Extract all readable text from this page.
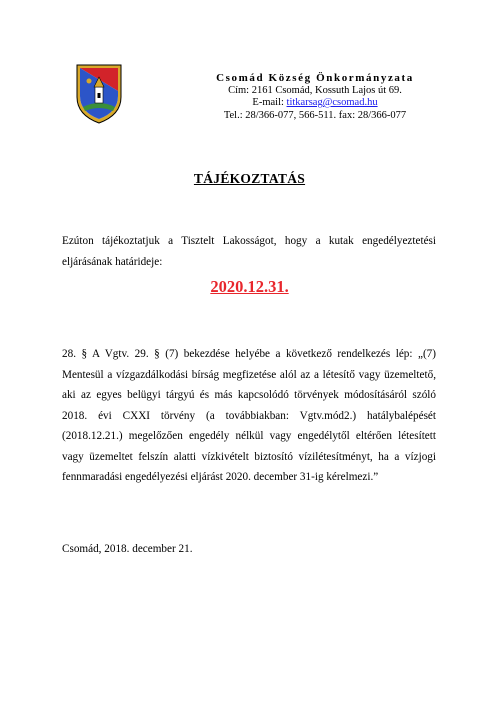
Csomád Község Önkormányzata
Cím: 2161 Csomád, Kossuth Lajos út 69.
E-mail: titkarsag@csomad.hu
Tel.: 28/366-077, 566-511. fax: 28/366-077
TÁJÉKOZTATÁS
Ezúton tájékoztatjuk a Tisztelt Lakosságot, hogy a kutak engedélyeztetési eljárásának határideje:
2020.12.31.
28. § A Vgtv. 29. § (7) bekezdése helyébe a következő rendelkezés lép: „(7) Mentesül a vízgazdálkodási bírság megfizetése alól az a létesítő vagy üzemeltető, aki az egyes belügyi tárgyú és más kapcsolódó törvények módosításáról szóló 2018. évi CXXI törvény (a továbbiakban: Vgtv.mód2.) hatálybalépését (2018.12.21.) megelőzően engedély nélkül vagy engedélytől eltérően létesített vagy üzemeltet felszín alatti vízkivételt biztosító vízilétesítményt, ha a vízjogi fennmaradási engedélyezési eljárást 2020. december 31-ig kérelmezi.”
Csomád, 2018. december 21.
